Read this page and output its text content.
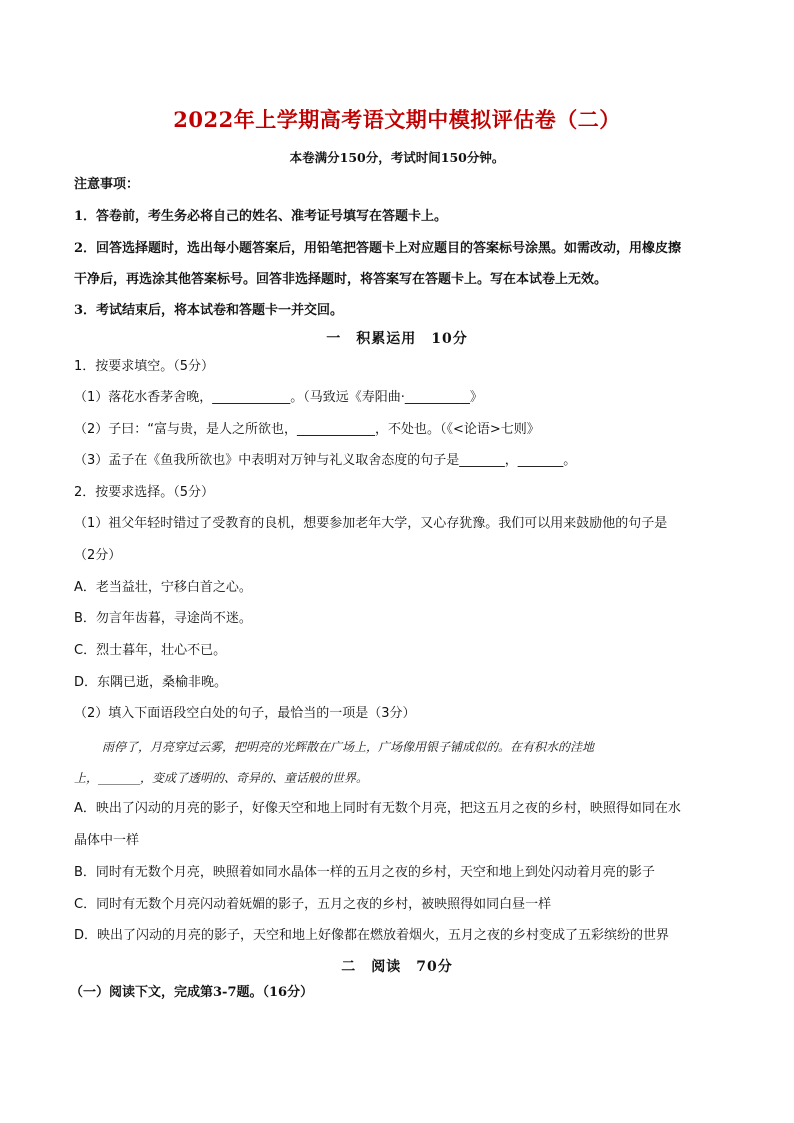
2022年上学期高考语文期中模拟评估卷（二）
本卷满分150分，考试时间150分钟。
注意事项：
1．答卷前，考生务必将自己的姓名、准考证号填写在答题卡上。
2．回答选择题时，选出每小题答案后，用铅笔把答题卡上对应题目的答案标号涂黑。如需改动，用橡皮擦
干净后，再选涂其他答案标号。回答非选择题时，将答案写在答题卡上。写在本试卷上无效。
3．考试结束后，将本试卷和答题卡一并交回。
一　积累运用　10分
1．按要求填空。（5分）
（1）落花水香茅舍晚，____________。（马致远《寿阳曲·__________》
（2）子曰：“富与贵，是人之所欲也，____________，不处也。（《<论语>七则》
（3）孟子在《鱼我所欲也》中表明对万钟与礼义取舍态度的句子是_______，_______。
2．按要求选择。（5分）
（1）祖父年轻时错过了受教育的良机，想要参加老年大学，又心存犹豫。我们可以用来鼓励他的句子是
（2分）
A．老当益壮，宁移白首之心。
B．勿言年齿暮，寻途尚不迷。
C．烈士暮年，壮心不已。
D．东隅已逝，桑榆非晚。
（2）填入下面语段空白处的句子，最恰当的一项是（3分）
雨停了，月亮穿过云雾，把明亮的光辉散在广场上，广场像用银子铺成似的。在有积水的洼地
上，_______，变成了透明的、奇异的、童话般的世界。
A．映出了闪动的月亮的影子，好像天空和地上同时有无数个月亮，把这五月之夜的乡村，映照得如同在水
晶体中一样
B．同时有无数个月亮，映照着如同水晶体一样的五月之夜的乡村，天空和地上到处闪动着月亮的影子
C．同时有无数个月亮闪动着妩媚的影子，五月之夜的乡村，被映照得如同白昼一样
D．映出了闪动的月亮的影子，天空和地上好像都在燃放着烟火，五月之夜的乡村变成了五彩缤纷的世界
二　阅读　70分
（一）阅读下文，完成第3-7题。（16分）
